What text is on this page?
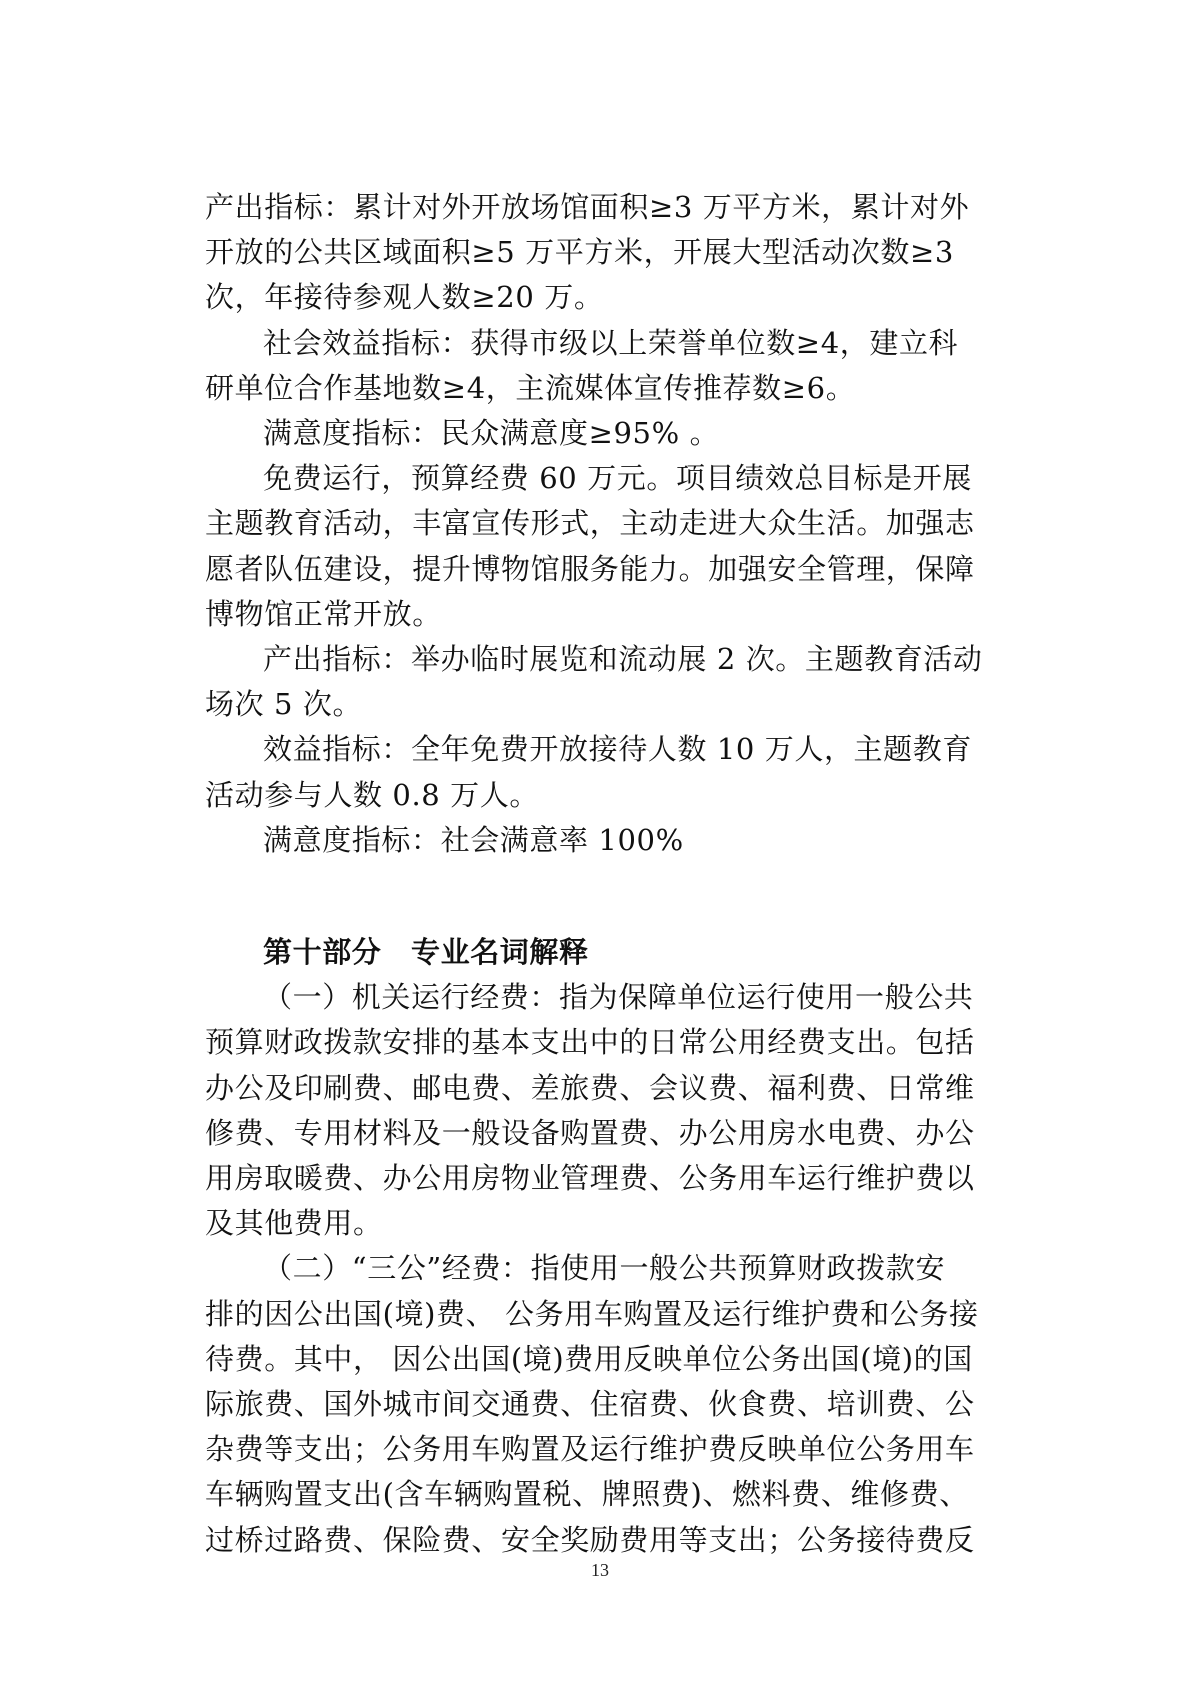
产出指标：累计对外开放场馆面积≥3 万平方米，累计对外
开放的公共区域面积≥5 万平方米，开展大型活动次数≥3
次，年接待参观人数≥20 万。

社会效益指标：获得市级以上荣誉单位数≥4，建立科
研单位合作基地数≥4，主流媒体宣传推荐数≥6。

满意度指标：民众满意度≥95% 。

免费运行，预算经费 60 万元。项目绩效总目标是开展
主题教育活动，丰富宣传形式，主动走进大众生活。加强志
愿者队伍建设，提升博物馆服务能力。加强安全管理，保障
博物馆正常开放。

产出指标：举办临时展览和流动展 2 次。主题教育活动
场次 5 次。

效益指标：全年免费开放接待人数 10 万人，主题教育
活动参与人数 0.8 万人。

满意度指标：社会满意率 100%

第十部分　专业名词解释

（一）机关运行经费：指为保障单位运行使用一般公共
预算财政拨款安排的基本支出中的日常公用经费支出。包括
办公及印刷费、邮电费、差旅费、会议费、福利费、日常维
修费、专用材料及一般设备购置费、办公用房水电费、办公
用房取暖费、办公用房物业管理费、公务用车运行维护费以
及其他费用。

（二）“三公”经费：指使用一般公共预算财政拨款安
排的因公出国(境)费、 公务用车购置及运行维护费和公务接
待费。其中， 因公出国(境)费用反映单位公务出国(境)的国
际旅费、国外城市间交通费、住宿费、伙食费、培训费、公
杂费等支出；公务用车购置及运行维护费反映单位公务用车
车辆购置支出(含车辆购置税、牌照费)、燃料费、维修费、
过桥过路费、保险费、安全奖励费用等支出；公务接待费反

13
